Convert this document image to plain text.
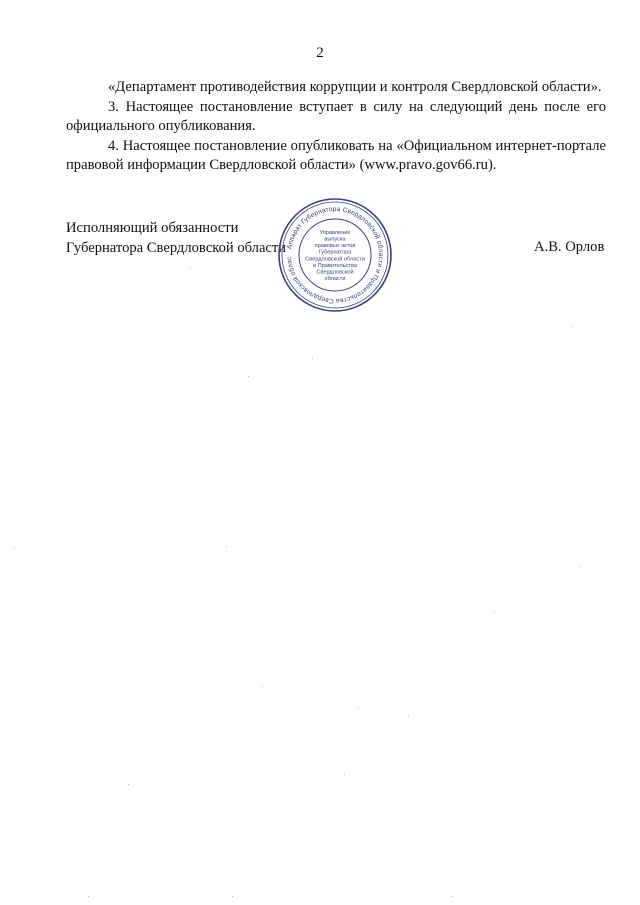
2

«Департамент противодействия коррупции и контроля Свердловской области».

3. Настоящее постановление вступает в силу на следующий день после его официального опубликования.

4. Настоящее постановление опубликовать на «Официальном интернет-портале правовой информации Свердловской области» (www.pravo.gov66.ru).

Исполняющий обязанности
Губернатора Свердловской области	А.В. Орлов
Аппарат Губернатора Свердловской области и Правительства Свердловской облас
Управление
выпуска
правовых актов
Губернатора
Свердловской области
и Правительства
Свердловской
области
